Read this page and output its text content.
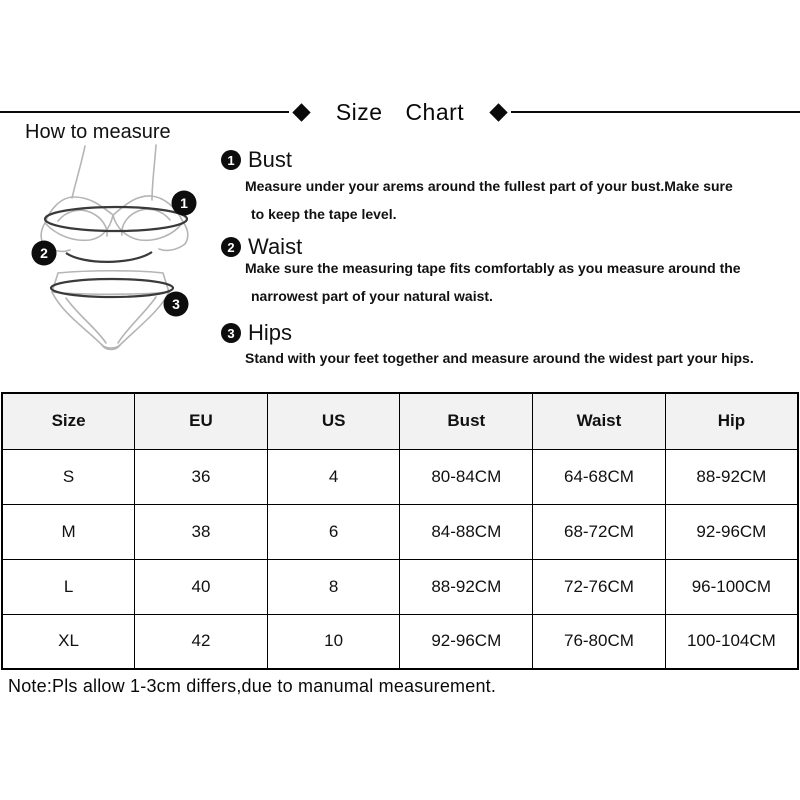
Size Chart
How to measure
1
2
3
1 Bust
Measure under your arems around the fullest part of your bust.Make sure
to keep the tape level.
2 Waist
Make sure the measuring tape fits comfortably as you measure around the
narrowest part of your natural waist.
3 Hips
Stand with your feet together and measure around the widest part your hips.
Size	EU	US	Bust	Waist	Hip
S	36	4	80-84CM	64-68CM	88-92CM
M	38	6	84-88CM	68-72CM	92-96CM
L	40	8	88-92CM	72-76CM	96-100CM
XL	42	10	92-96CM	76-80CM	100-104CM
Note:Pls allow 1-3cm differs,due to manumal measurement.
